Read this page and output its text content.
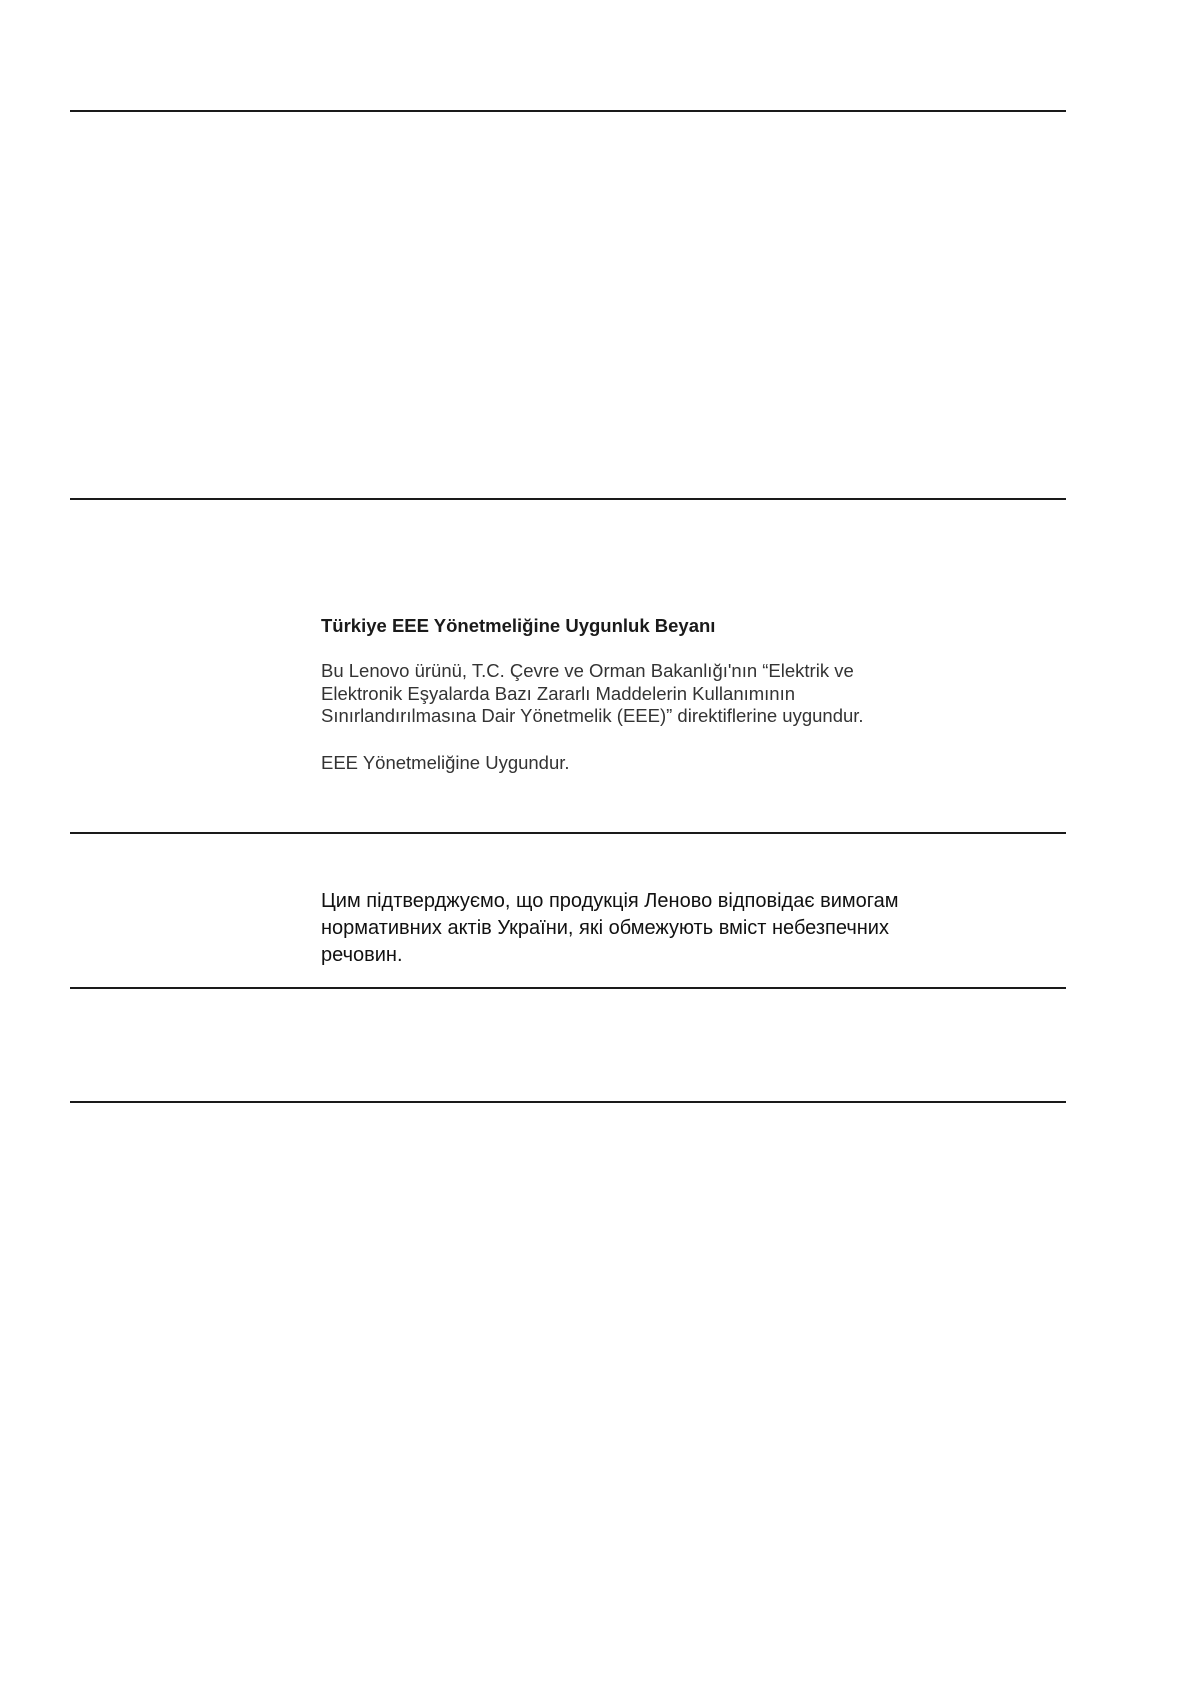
Türkiye EEE Yönetmeliğine Uygunluk Beyanı

Bu Lenovo ürünü, T.C. Çevre ve Orman Bakanlığı'nın “Elektrik ve
Elektronik Eşyalarda Bazı Zararlı Maddelerin Kullanımının
Sınırlandırılmasına Dair Yönetmelik (EEE)” direktiflerine uygundur.

EEE Yönetmeliğine Uygundur.

Цим підтверджуємо, що продукція Леново відповідає вимогам
нормативних актів України, які обмежують вміст небезпечних
речовин.
